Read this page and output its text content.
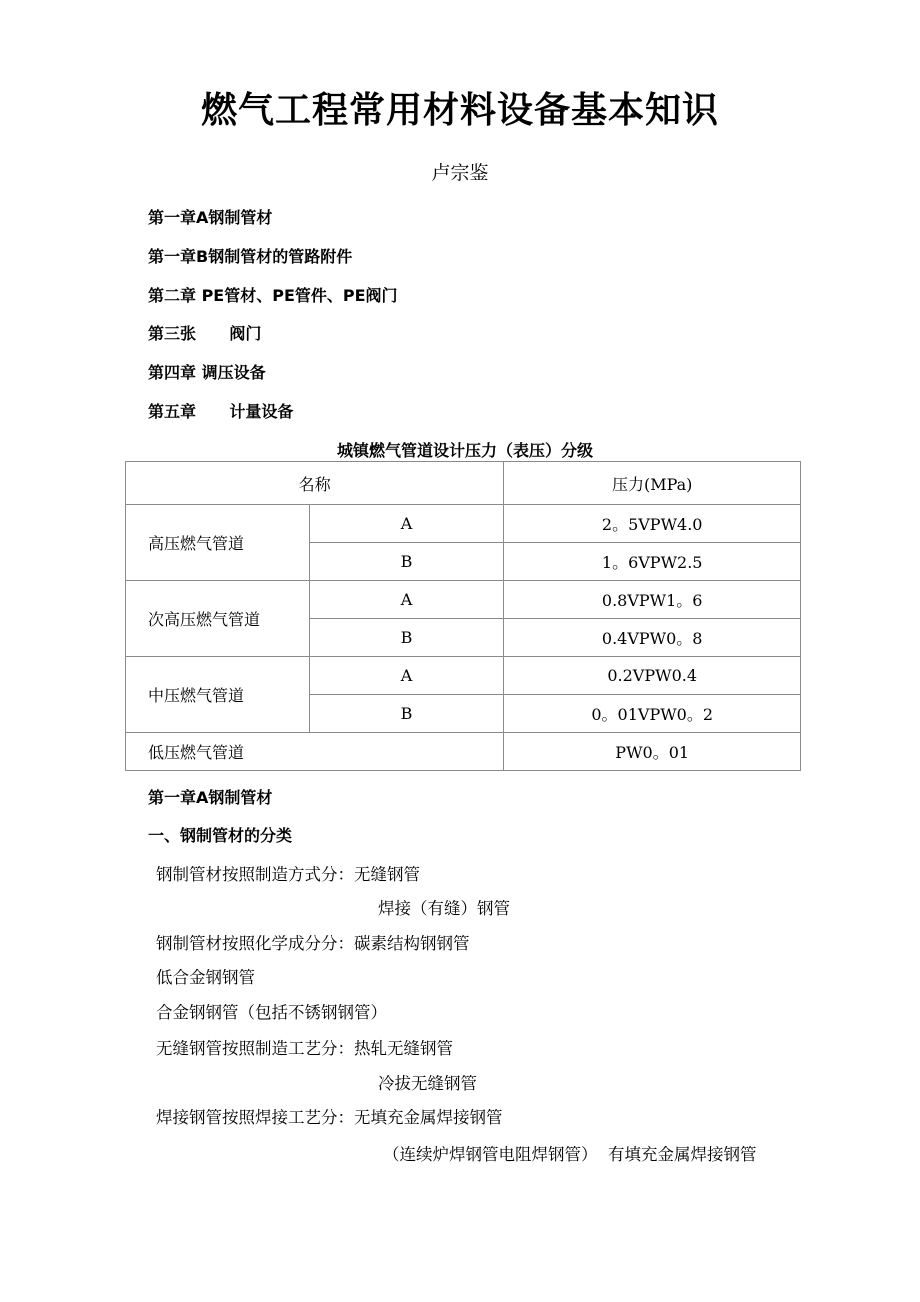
燃气工程常用材料设备基本知识
卢宗鉴
第一章A钢制管材
第一章B钢制管材的管路附件
第二章 PE管材、PE管件、PE阀门
第三张      阀门
第四章 调压设备
第五章      计量设备
城镇燃气管道设计压力（表压）分级
名称		压力(MPa)
高压燃气管道	A	2。5VPW4.0
	B	1。6VPW2.5
次高压燃气管道	A	0.8VPW1。6
	B	0.4VPW0。8
中压燃气管道	A	0.2VPW0.4
	B	0。01VPW0。2
低压燃气管道		PW0。01
第一章A钢制管材
一、钢制管材的分类
钢制管材按照制造方式分：无缝钢管
焊接（有缝）钢管
钢制管材按照化学成分分：碳素结构钢钢管
低合金钢钢管
合金钢钢管（包括不锈钢钢管）
无缝钢管按照制造工艺分：热轧无缝钢管
冷拔无缝钢管
焊接钢管按照焊接工艺分：无填充金属焊接钢管
（连续炉焊钢管电阻焊钢管）  有填充金属焊接钢管
